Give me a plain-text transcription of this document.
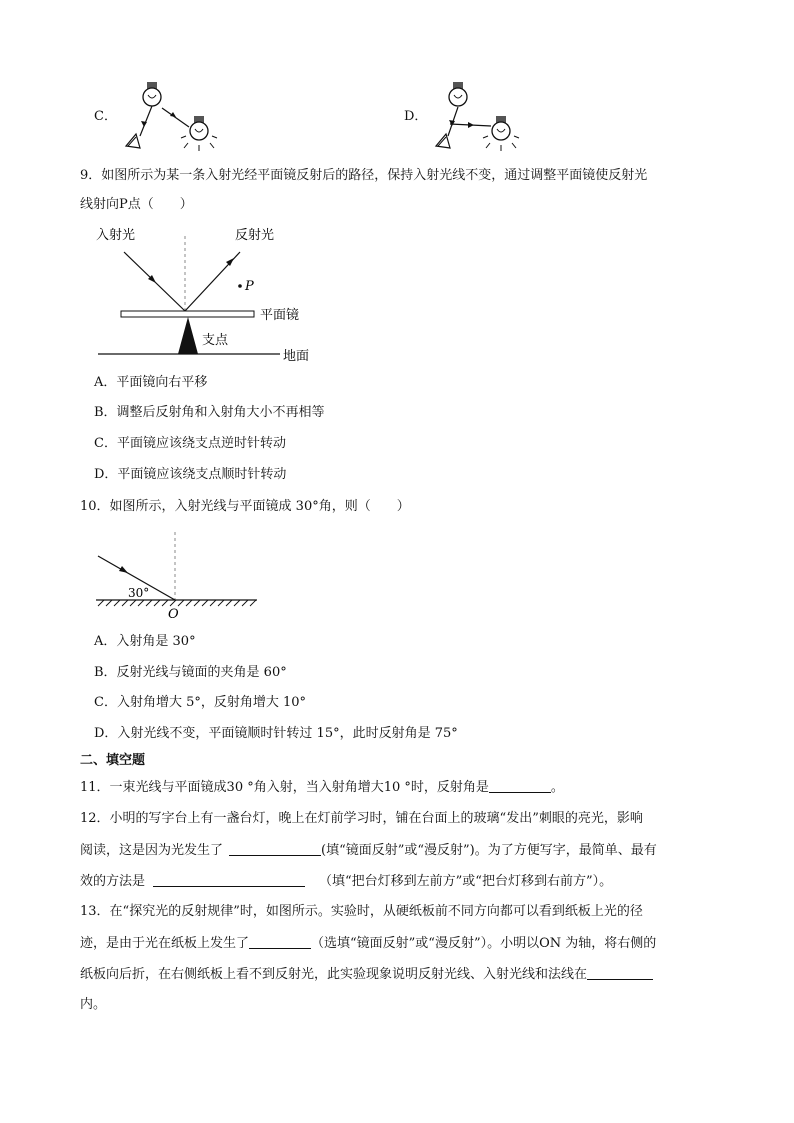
C．	D．
9．如图所示为某一条入射光经平面镜反射后的路径，保持入射光线不变，通过调整平面镜使反射光
线射向P点（　　）
入射光	反射光
P
平面镜
支点
地面
A．平面镜向右平移
B．调整后反射角和入射角大小不再相等
C．平面镜应该绕支点逆时针转动
D．平面镜应该绕支点顺时针转动
10．如图所示，入射光线与平面镜成 30°角，则（　　）
30°
O
A．入射角是 30°
B．反射光线与镜面的夹角是 60°
C．入射角增大 5°，反射角增大 10°
D．入射光线不变，平面镜顺时针转过 15°，此时反射角是 75°
二、填空题
11．一束光线与平面镜成30 °角入射，当入射角增大10 °时，反射角是	。
12．小明的写字台上有一盏台灯，晚上在灯前学习时，铺在台面上的玻璃“发出”刺眼的亮光，影响
阅读，这是因为光发生了	(填“镜面反射”或“漫反射”)。为了方便写字，最简单、最有
效的方法是	（填“把台灯移到左前方”或“把台灯移到右前方”）。
13．在“探究光的反射规律”时，如图所示。实验时，从硬纸板前不同方向都可以看到纸板上光的径
迹，是由于光在纸板上发生了	（选填“镜面反射”或“漫反射”）。小明以ON 为轴，将右侧的
纸板向后折，在右侧纸板上看不到反射光，此实验现象说明反射光线、入射光线和法线在
内。
